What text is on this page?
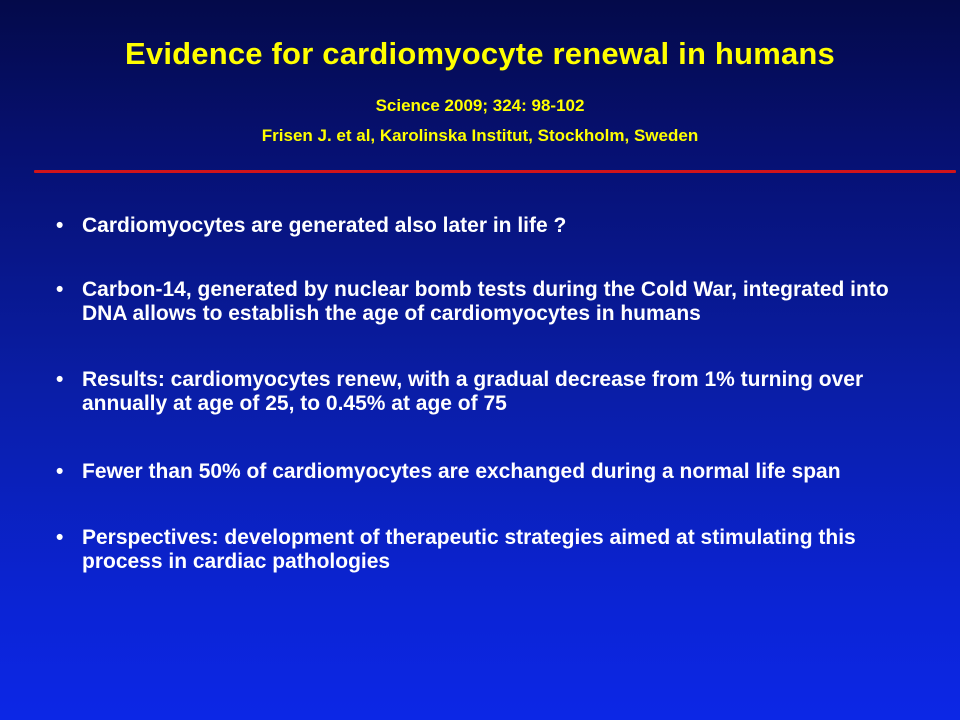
Evidence for cardiomyocyte renewal in humans
Science 2009; 324: 98-102
Frisen J. et al, Karolinska Institut, Stockholm, Sweden
• Cardiomyocytes are generated also later in life ?
• Carbon-14, generated by nuclear bomb tests during the Cold War, integrated into DNA allows to establish the age of cardiomyocytes in humans
• Results: cardiomyocytes renew, with a gradual decrease from 1% turning over annually at age of 25, to 0.45% at age of 75
• Fewer than 50% of cardiomyocytes are exchanged during a normal life span
• Perspectives: development of therapeutic strategies aimed at stimulating this process in cardiac pathologies
